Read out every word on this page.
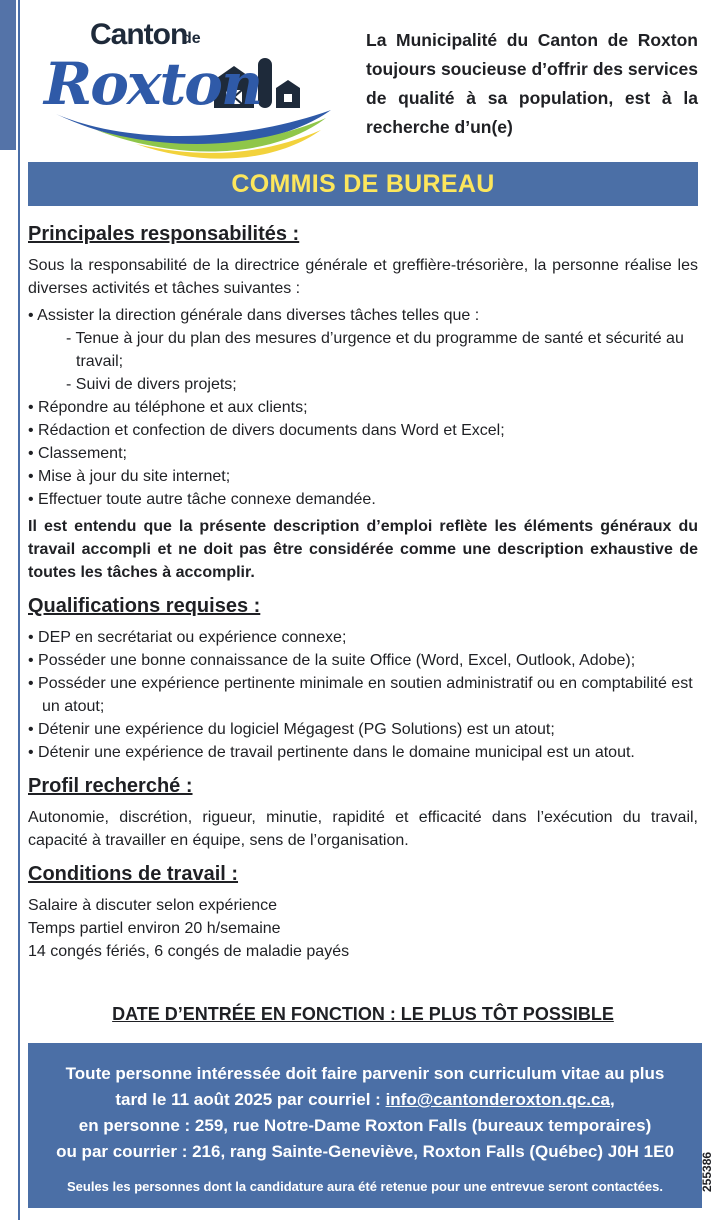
Canton
de
Roxton
La Municipalité du Canton de Roxton toujours soucieuse d’offrir des services de qualité à sa population, est à la recherche d’un(e)
COMMIS DE BUREAU
Principales responsabilités :

Sous la responsabilité de la directrice générale et greffière-trésorière, la personne réalise les diverses activités et tâches suivantes :

• Assister la direction générale dans diverses tâches telles que :
- Tenue à jour du plan des mesures d’urgence et du programme de santé et sécurité au travail;
- Suivi de divers projets;
• Répondre au téléphone et aux clients;
• Rédaction et confection de divers documents dans Word et Excel;
• Classement;
• Mise à jour du site internet;
• Effectuer toute autre tâche connexe demandée.

Il est entendu que la présente description d’emploi reflète les éléments généraux du travail accompli et ne doit pas être considérée comme une description exhaustive de toutes les tâches à accomplir.

Qualifications requises :
• DEP en secrétariat ou expérience connexe;
• Posséder une bonne connaissance de la suite Office (Word, Excel, Outlook, Adobe);
• Posséder une expérience pertinente minimale en soutien administratif ou en comptabilité est un atout;
• Détenir une expérience du logiciel Mégagest (PG Solutions) est un atout;
• Détenir une expérience de travail pertinente dans le domaine municipal est un atout.
Profil recherché :

Autonomie, discrétion, rigueur, minutie, rapidité et efficacité dans l’exécution du travail, capacité à travailler en équipe, sens de l’organisation.

Conditions de travail :
Salaire à discuter selon expérience
Temps partiel environ 20 h/semaine
14 congés fériés, 6 congés de maladie payés
DATE D’ENTRÉE EN FONCTION : LE PLUS TÔT POSSIBLE
Toute personne intéressée doit faire parvenir son curriculum vitae au plus
tard le 11 août 2025 par courriel : info@cantonderoxton.qc.ca,
en personne : 259, rue Notre-Dame Roxton Falls (bureaux temporaires)
ou par courrier : 216, rang Sainte-Geneviève, Roxton Falls (Québec) J0H 1E0
Seules les personnes dont la candidature aura été retenue pour une entrevue seront contactées.	255386
